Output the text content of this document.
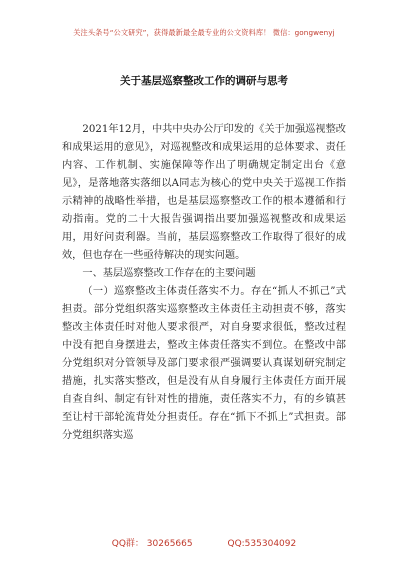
关注头条号“公文研究”，获得最新最全最专业的公文资料库！ 微信：gongwenyj
关于基层巡察整改工作的调研与思考

2021年12月，中共中央办公厅印发的《关于加强巡视整改和成果运用的意见》，对巡视整改和成果运用的总体要求、责任内容、工作机制、实施保障等作出了明确规定制定出台《意见》，是落地落实落细以A同志为核心的党中央关于巡视工作指示精神的战略性举措，也是基层巡察整改工作的根本遵循和行动指南。党的二十大报告强调指出要加强巡视整改和成果运用，用好问责利器。当前，基层巡察整改工作取得了很好的成效，但也存在一些亟待解决的现实问题。

一、基层巡察整改工作存在的主要问题

（一）巡察整改主体责任落实不力。存在“抓人不抓己”式担责。部分党组织落实巡察整改主体责任主动担责不够，落实整改主体责任时对他人要求很严，对自身要求很低，整改过程中没有把自身摆进去，整改主体责任落实不到位。在整改中部分党组织对分管领导及部门要求很严强调要认真谋划研究制定措施，扎实落实整改，但是没有从自身履行主体责任方面开展自查自纠、制定有针对性的措施，责任落实不力，有的乡镇甚至让村干部轮流背处分担责任。存在“抓下不抓上”式担责。部分党组织落实巡

QQ群： 30265665	QQ:535304092
